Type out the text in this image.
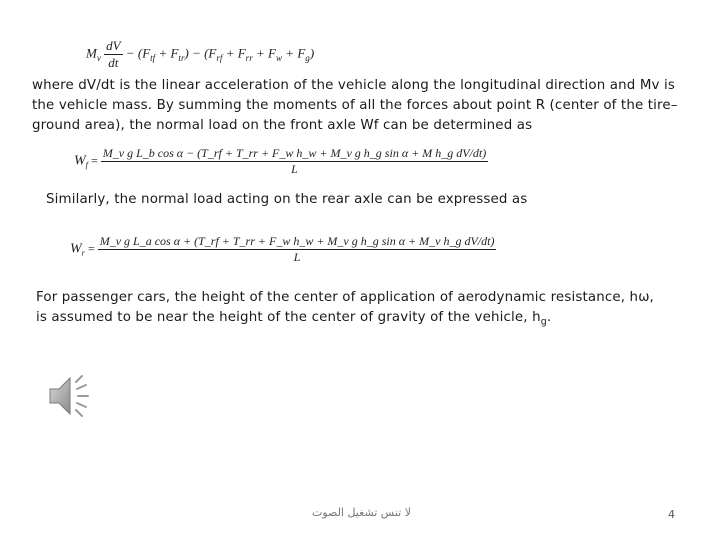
$M_v \frac{dV}{dt} - (F_{tf} + F_{tr}) - (F_{rf} + F_{rr} + F_w + F_g)$
where dV/dt is the linear acceleration of the vehicle along the longitudinal direction and Mv is the vehicle mass. By summing the moments of all the forces about point R (center of the tire–ground area), the normal load on the front axle Wf can be determined as
$W_f$ =
M_v g L_b cos α − (T_rf + T_rr + F_w h_w + M_v g h_g sin α + M h_g dV/dt)
L
Similarly, the normal load acting on the rear axle can be expressed as
$W_r$ =
M_v g L_a cos α + (T_rf + T_rr + F_w h_w + M_v g h_g sin α + M_v h_g dV/dt)
L
For passenger cars, the height of the center of application of aerodynamic resistance, hω, is assumed to be near the height of the center of gravity of the vehicle, $h_g$.
لا تنس تشغيل الصوت	4
